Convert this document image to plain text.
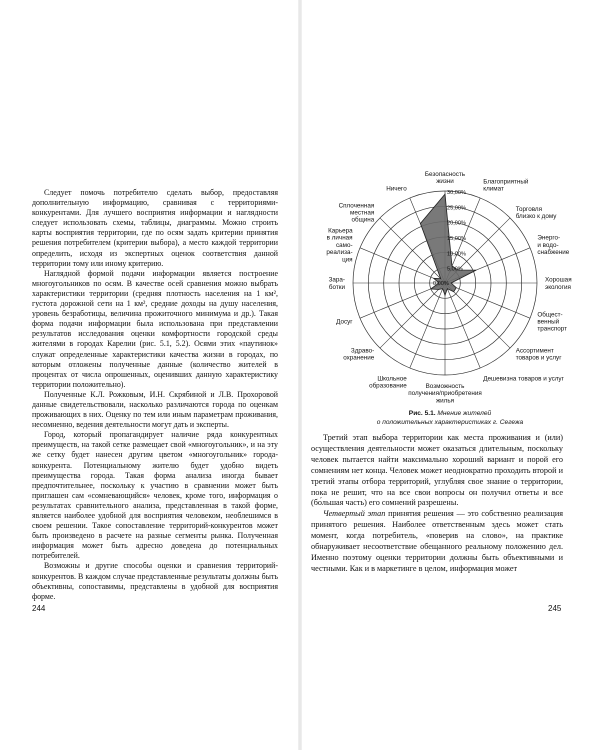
Следует помочь потребителю сделать выбор, предоставляя дополнительную информацию, сравнивая с территориями-конкурентами. Для лучшего восприятия информации и наглядности следует использовать схемы, таблицы, диаграммы. Можно строить карты восприятия территории, где по осям задать критерии принятия решения потребителем (критерии выбора), а место каждой территории определить, исходя из экспертных оценок соответствия данной территории тому или иному критерию.

Наглядной формой подачи информации является построение многоугольников по осям. В качестве осей сравнения можно выбрать характеристики территории (средняя плотность населения на 1 км², густота дорожной сети на 1 км², средние доходы на душу населения, уровень безработицы, величина прожиточного минимума и др.). Такая форма подачи информации была использована при представлении результатов исследования оценки комфортности городской среды жителями в городах Карелии (рис. 5.1, 5.2). Осями этих «паутинок» служат определенные характеристики качества жизни в городах, по которым отложены полученные данные (количество жителей в процентах от числа опрошенных, оценивших данную характеристику территории положительно).

Полученные К.Л. Рожковым, И.Н. Скрябиной и Л.В. Прохоровой данные свидетельствовали, насколько различаются города по оценкам проживающих в них. Оценку по тем или иным параметрам проживания, несомненно, ведения деятельности могут дать и эксперты.

Город, который пропагандирует наличие ряда конкурентных преимуществ, на такой сетке размещает свой «многоугольник», и на эту же сетку будет нанесен другим цветом «многоугольник» города-конкурента. Потенциальному жителю будет удобно видеть преимущества города. Такая форма анализа иногда бывает предпочтительнее, поскольку к участию в сравнении может быть приглашен сам «сомневающийся» человек, кроме того, информация о результатах сравнительного анализа, представленная в такой форме, является наиболее удобной для восприятия человеком, необлешимся в своем решении. Такое сопоставление территорий-конкурентов может быть произведено в расчете на разные сегменты рынка. Полученная информация может быть адресно доведена до потенциальных потребителей.

Возможны и другие способы оценки и сравнения территорий-конкурентов. В каждом случае представленные результаты должны быть объективны, сопоставимы, представлены в удобной для восприятия форме.

244
5,00%
10,00%
15,00%
20,00%
25,00%
30,00%
0,00%
Безопасность жизни	Благоприятный климат
Торговля близко к дому
Энерго-и водо-снабжение
Хорошая экология
Общест-венный транспорт
Ассортимент товаров и услуг
Дешевизна товаров и услуг
Возможность получения/приобретения жилья
Школьное образование
Здраво-охранение
Досуг
Зара-ботки
Карьера в личная само-реализа-ция
Сплоченная местная община
Ничего
Рис. 5.1. Мнение жителей
о положительных характеристиках г. Сегежа

Третий этап выбора территории как места проживания и (или) осуществления деятельности может оказаться длительным, поскольку человек пытается найти максимально хороший вариант и порой его сомнениям нет конца. Человек может неоднократно проходить второй и третий этапы отбора территорий, углубляя свое знание о территории, пока не решит, что на все свои вопросы он получил ответы и все (бо́льшая часть) его сомнений разрешены.

Четвертый этап принятия решения — это собственно реализация принятого решения. Наиболее ответственным здесь может стать момент, когда потребитель, «поверив на слово», на практике обнаруживает несоответствие обещанного реальному положению дел. Именно поэтому оценки территории должны быть объективными и честными. Как и в маркетинге в целом, информация может

245
